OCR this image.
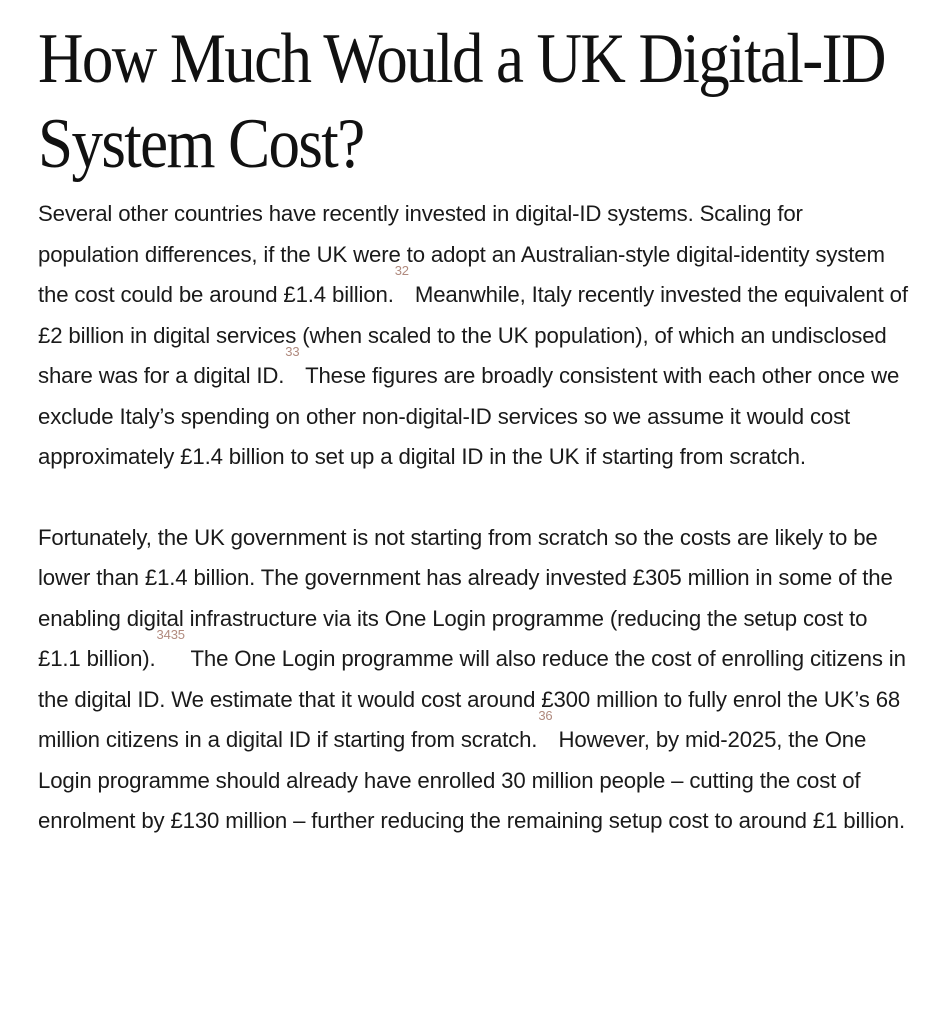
How Much Would a UK Digital-ID System Cost?

Several other countries have recently invested in digital-ID systems. Scaling for population differences, if the UK were to adopt an Australian-style digital-identity system the cost could be around £1.4 billion.$^{32}$ Meanwhile, Italy recently invested the equivalent of £2 billion in digital services (when scaled to the UK population), of which an undisclosed share was for a digital ID.$^{33}$ These figures are broadly consistent with each other once we exclude Italy’s spending on other non-digital-ID services so we assume it would cost approximately £1.4 billion to set up a digital ID in the UK if starting from scratch.

Fortunately, the UK government is not starting from scratch so the costs are likely to be lower than £1.4 billion. The government has already invested £305 million in some of the enabling digital infrastructure via its One Login programme (reducing the setup cost to £1.1 billion).$^{3435}$ The One Login programme will also reduce the cost of enrolling citizens in the digital ID. We estimate that it would cost around £300 million to fully enrol the UK’s 68 million citizens in a digital ID if starting from scratch.$^{36}$ However, by mid-2025, the One Login programme should already have enrolled 30 million people – cutting the cost of enrolment by £130 million – further reducing the remaining setup cost to around £1 billion.
